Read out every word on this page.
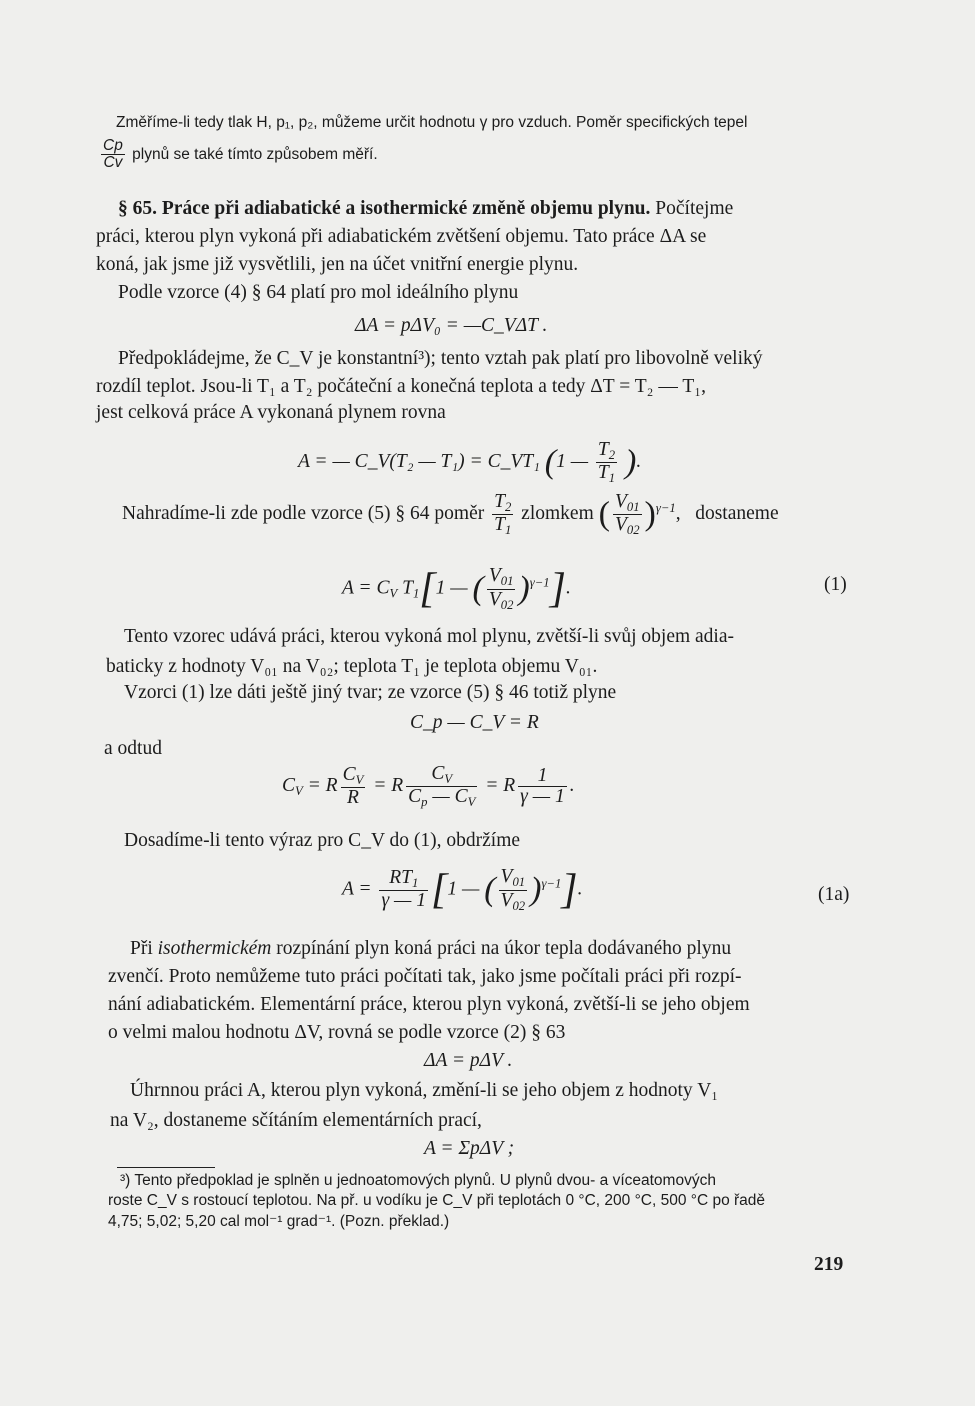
Změříme-li tedy tlak H, p₁, p₂, můžeme určit hodnotu γ pro vzduch. Poměr specifických tepel
$\frac{Cp}{Cv}$ plynů se také tímto způsobem měří.
§ 65. Práce při adiabatické a isothermické změně objemu plynu. Počítejme
práci, kterou plyn vykoná při adiabatickém zvětšení objemu. Tato práce ΔA se
koná, jak jsme již vysvětlili, jen na účet vnitřní energie plynu.
Podle vzorce (4) § 64 platí pro mol ideálního plynu
ΔA = pΔV₀ = —C_VΔT .
Předpokládejme, že C_V je konstantní³); tento vztah pak platí pro libovolně veliký
rozdíl teplot. Jsou-li T₁ a T₂ počáteční a konečná teplota a tedy ΔT = T₂ — T₁,
jest celková práce A vykonaná plynem rovna
A = — C_V(T₂ — T₁) = C_VT₁ (1 — $\frac{T_2}{T_1}$ ).
Nahradíme-li zde podle vzorce (5) § 64 poměr $\frac{T_2}{T_1}$ zlomkem ( $\frac{V_{01}}{V_{02}} )^{\gamma-1}$,   dostaneme
$A = C_V$ $T_1[1$ — ( $\frac{V_{01}}{V_{02}} )^{\gamma-1}$].	(1)
Tento vzorec udává práci, kterou vykoná mol plynu, zvětší-li svůj objem adia-
baticky z hodnoty V₀₁ na V₀₂; teplota T₁ je teplota objemu V₀₁.
Vzorci (1) lze dáti ještě jiný tvar; ze vzorce (5) § 46 totiž plyne
C_p — C_V = R
a odtud
$C_V = R \frac{C_V}{R} = R \frac{C_V}{C_p — C_V} = R \frac{1}{\gamma — 1}$ .
Dosadíme-li tento výraz pro C_V do (1), obdržíme
$A = \frac{RT_1}{\gamma — 1} [1$ — ( $\frac{V_{01}}{V_{02}} )^{\gamma-1}$].	(1a)
Při isothermickém rozpínání plyn koná práci na úkor tepla dodávaného plynu
zvenčí. Proto nemůžeme tuto práci počítati tak, jako jsme počítali práci při rozpí-
nání adiabatickém. Elementární práce, kterou plyn vykoná, zvětší-li se jeho objem
o velmi malou hodnotu ΔV, rovná se podle vzorce (2) § 63
ΔA = pΔV .
Úhrnnou práci A, kterou plyn vykoná, změní-li se jeho objem z hodnoty V₁
na V₂, dostaneme sčítáním elementárních prací,
A = ΣpΔV ;
³) Tento předpoklad je splněn u jednoatomových plynů. U plynů dvou- a víceatomových
roste C_V s rostoucí teplotou. Na př. u vodíku je C_V při teplotách 0 °C, 200 °C, 500 °C po řadě
4,75; 5,02; 5,20 cal mol⁻¹ grad⁻¹. (Pozn. překlad.)
219
